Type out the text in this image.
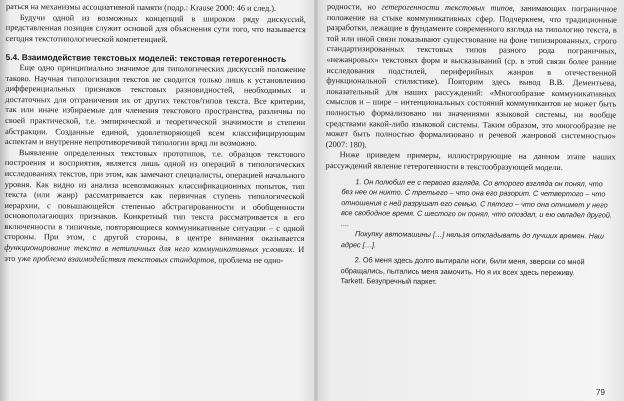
раться на механизмы ассоциативной памяти (подр.: Krause 2000: 46 и след.).

Будучи одной из возможных концепций в широком ряду дискуссий, представленная позиция служит основой для объяснения сути того, что называется сегодня текстотипологической компетенцией.

5.4. Взаимодействие текстовых моделей: текстовая гетерогенность

Еще одно принципиально значимое для типологических дискуссий положение таково. Научная типологизация текстов не сводится только лишь к установлению дифференциальных признаков текстовых разновидностей, необходимых и достаточных для отграничения их от других текстов/типов текста. Все критерии, так или иначе избираемые для членения текстового пространства, различны по своей практической, т.е. эмпирической и теоретической значимости и степени абстракции. Созданные единой, удовлетворяющей всем классифицирующим аспектам и внутренне непротиворечивой типологии вряд ли возможно.

Выявление определенных текстовых прототипов, т.е. образцов текстового построения и восприятия, является лишь одной из операций в типологических исследованиях текстов, при этом, как замечают специалисты, операцией начального уровня. Как видно из анализа всевозможных классификационных попыток, тип текста (или жанр) рассматривается как первичная ступень типологической иерархии, с повышающейся степенью абстрагированности и обобщенности основополагающих признаков. Конкретный тип текста рассматривается в его включенности в типичные, повторяющиеся коммуникативные ситуации – с одной стороны. При этом, с другой стороны, в центре внимания оказывается функционирование текста в нетипичных для него коммуникативных условиях. И это уже проблема взаимодействия текстовых стандартов, проблема не одно-

родности, но гетерогенности текстовых типов, занимающих пограничное положение на стыке коммуникативных сфер. Подчеркнем, что традиционные разработки, лежащие в фундаменте современного взгляда на типологию текста, в той или иной связи показывают существование на фоне типизированных, строго стандартизированных текстовых типов разного рода пограничных, «нежанровых» текстовых форм и высказываний (ср. в этой связи более ранние исследования подстилей, периферийных жанров в отечественной функциональной стилистике). Повторим здесь вывод В.В. Дементьева, показательный для наших рассуждений: «Многообразие коммуникативных смыслов и – шире – интенциональных состояний коммуникантов не может быть полностью формализовано ни значениями языковой системы, ни вообще средствами какой-либо языковой системы. Таким образом, это многообразие не может быть полностью формализовано и речевой жанровой системностью» (2007: 180).

Ниже приведем примеры, иллюстрирующие на данном этапе наших рассуждений явление гетерогенности в текстообразующей модели.

1. Он полюбил ее с первого взгляда. Со второго взгляда он понял, что без нее он никто. С третьего – что она его разорит. С четвертого – что отношения с ней разрушат его семью. С пятого – что она отнимет у него все свободное время. С шестого он понял, что опоздал, и ею овладел другой. ....

Покупку автомашины […] нельзя откладывать до лучших времен. Наш адрес […].

2. Об меня здесь долго вытирали ноги, били меня, зверски со мной обращались, пытались меня замочить. Но я их всех здесь переживу.

Tarkett. Безупречный паркет.

79
